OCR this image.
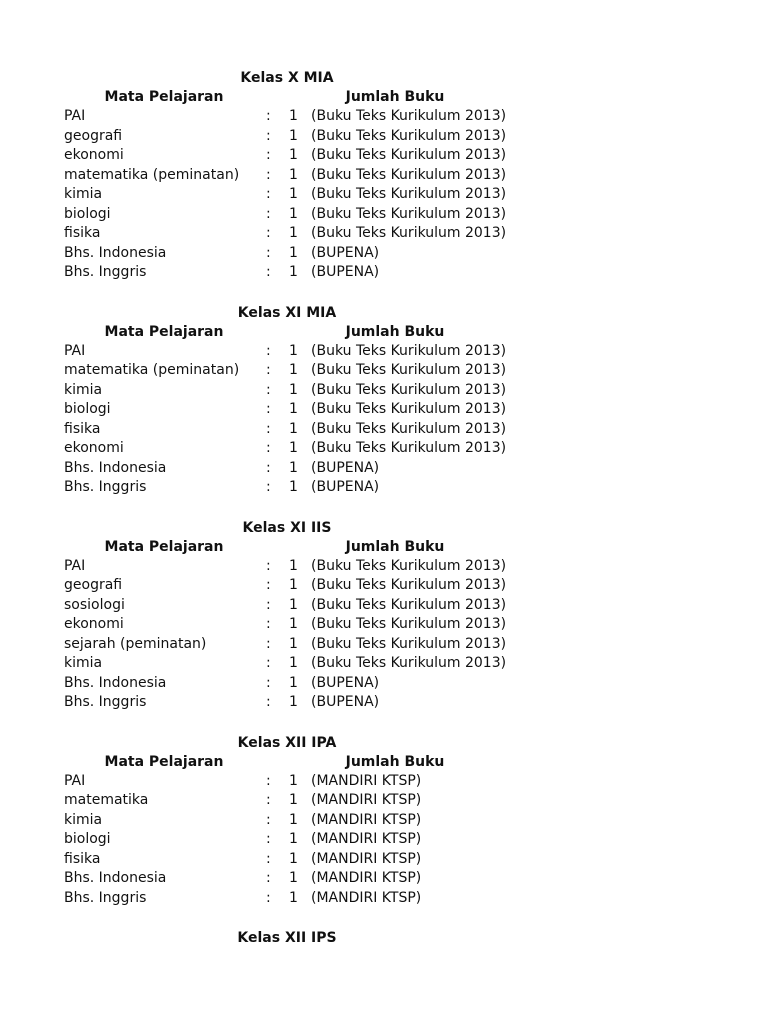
Kelas X MIA
Mata Pelajaran	Jumlah Buku
PAI	: 1 (Buku Teks Kurikulum 2013)
geografi	: 1 (Buku Teks Kurikulum 2013)
ekonomi	: 1 (Buku Teks Kurikulum 2013)
matematika (peminatan) : 1 (Buku Teks Kurikulum 2013)
kimia	: 1 (Buku Teks Kurikulum 2013)
biologi	: 1 (Buku Teks Kurikulum 2013)
fisika	: 1 (Buku Teks Kurikulum 2013)
Bhs. Indonesia	: 1 (BUPENA)
Bhs. Inggris	: 1 (BUPENA)
Kelas XI MIA
Mata Pelajaran	Jumlah Buku
PAI	: 1 (Buku Teks Kurikulum 2013)
matematika (peminatan) : 1 (Buku Teks Kurikulum 2013)
kimia	: 1 (Buku Teks Kurikulum 2013)
biologi	: 1 (Buku Teks Kurikulum 2013)
fisika	: 1 (Buku Teks Kurikulum 2013)
ekonomi	: 1 (Buku Teks Kurikulum 2013)
Bhs. Indonesia	: 1 (BUPENA)
Bhs. Inggris	: 1 (BUPENA)
Kelas XI IIS
Mata Pelajaran	Jumlah Buku
PAI	: 1 (Buku Teks Kurikulum 2013)
geografi	: 1 (Buku Teks Kurikulum 2013)
sosiologi	: 1 (Buku Teks Kurikulum 2013)
ekonomi	: 1 (Buku Teks Kurikulum 2013)
sejarah (peminatan)	: 1 (Buku Teks Kurikulum 2013)
kimia	: 1 (Buku Teks Kurikulum 2013)
Bhs. Indonesia	: 1 (BUPENA)
Bhs. Inggris	: 1 (BUPENA)
Kelas XII IPA
Mata Pelajaran	Jumlah Buku
PAI	: 1 (MANDIRI KTSP)
matematika	: 1 (MANDIRI KTSP)
kimia	: 1 (MANDIRI KTSP)
biologi	: 1 (MANDIRI KTSP)
fisika	: 1 (MANDIRI KTSP)
Bhs. Indonesia	: 1 (MANDIRI KTSP)
Bhs. Inggris	: 1 (MANDIRI KTSP)
Kelas XII IPS
